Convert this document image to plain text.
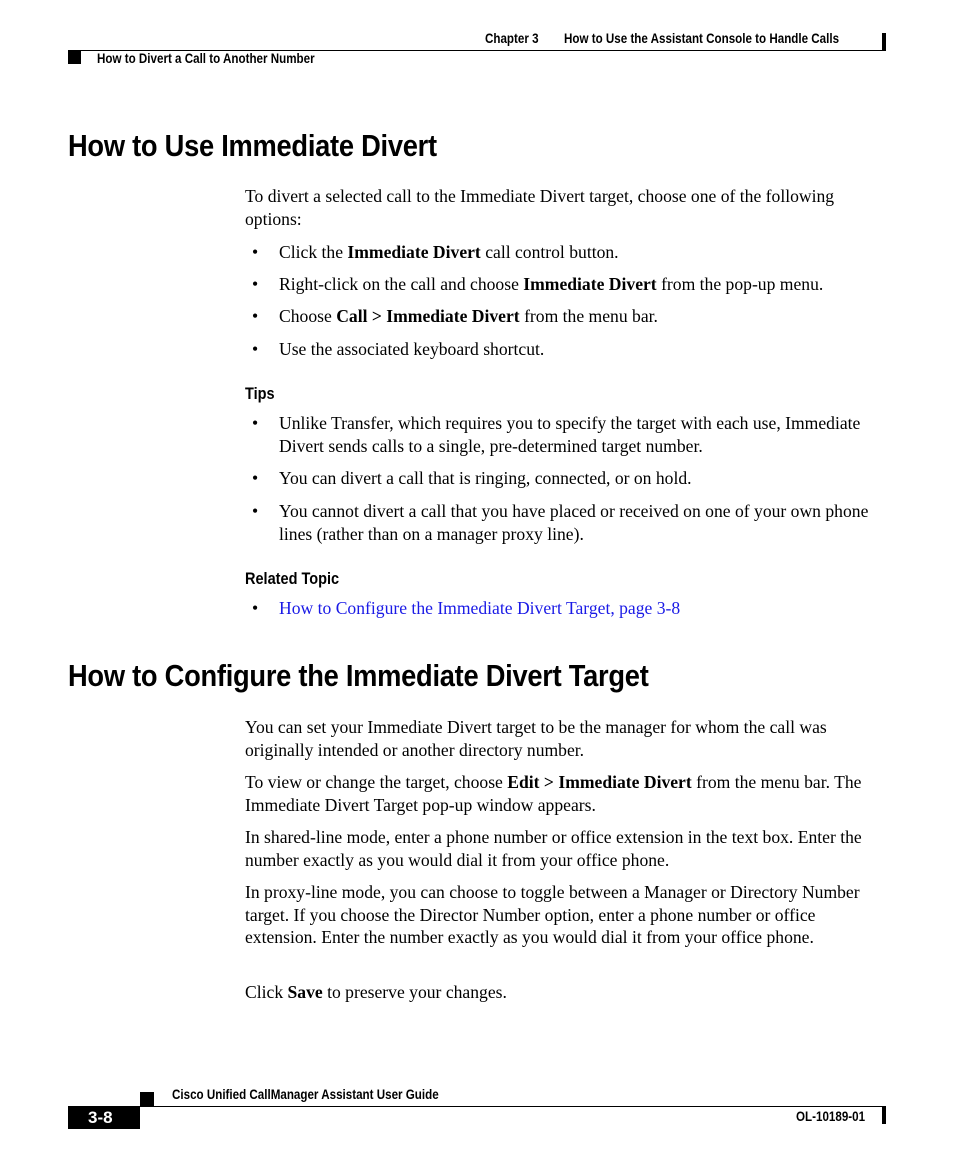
Chapter 3 How to Use the Assistant Console to Handle Calls
How to Divert a Call to Another Number
How to Use Immediate Divert

To divert a selected call to the Immediate Divert target, choose one of the following options:

• Click the Immediate Divert call control button.
• Right-click on the call and choose Immediate Divert from the pop-up menu.
• Choose Call > Immediate Divert from the menu bar.
• Use the associated keyboard shortcut.
Tips
• Unlike Transfer, which requires you to specify the target with each use, Immediate Divert sends calls to a single, pre-determined target number.
• You can divert a call that is ringing, connected, or on hold.
• You cannot divert a call that you have placed or received on one of your own phone lines (rather than on a manager proxy line).
Related Topic
• How to Configure the Immediate Divert Target, page 3-8
How to Configure the Immediate Divert Target

You can set your Immediate Divert target to be the manager for whom the call was originally intended or another directory number.

To view or change the target, choose Edit > Immediate Divert from the menu bar. The Immediate Divert Target pop-up window appears.

In shared-line mode, enter a phone number or office extension in the text box. Enter the number exactly as you would dial it from your office phone.

In proxy-line mode, you can choose to toggle between a Manager or Directory Number target. If you choose the Director Number option, enter a phone number or office extension. Enter the number exactly as you would dial it from your office phone.

Click Save to preserve your changes.

Cisco Unified CallManager Assistant User Guide
3-8	OL-10189-01
